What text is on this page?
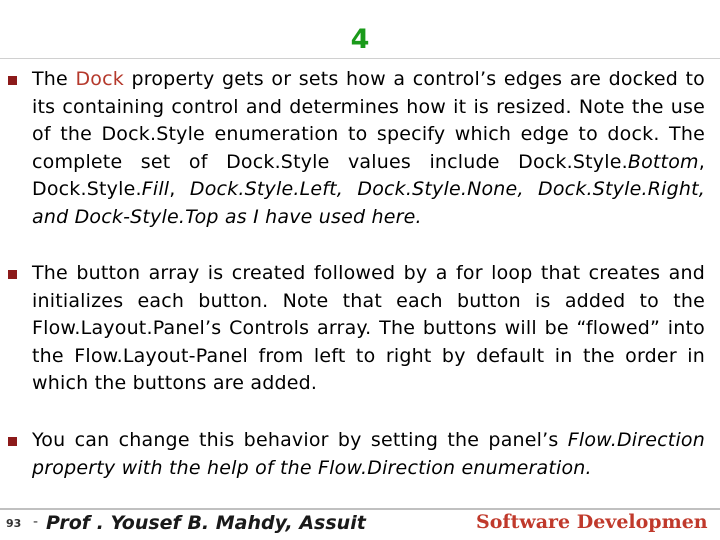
4
The Dock property gets or sets how a control’s edges are docked to its containing control and determines how it is resized. Note the use of the Dock.Style enumeration to specify which edge to dock. The complete set of Dock.Style values include Dock.Style.Bottom, Dock.Style.Fill, Dock.Style.Left, Dock.Style.None, Dock.Style.Right, and Dock-Style.Top as I have used here.
The button array is created followed by a for loop that creates and initializes each button. Note that each button is added to the Flow.Layout.Panel’s Controls array. The buttons will be “flowed” into the Flow.Layout-Panel from left to right by default in the order in which the buttons are added.
You can change this behavior by setting the panel’s Flow.Direction property with the help of the Flow.Direction enumeration.
93 - Prof . Yousef B. Mahdy, Assuit	Software Developmen
